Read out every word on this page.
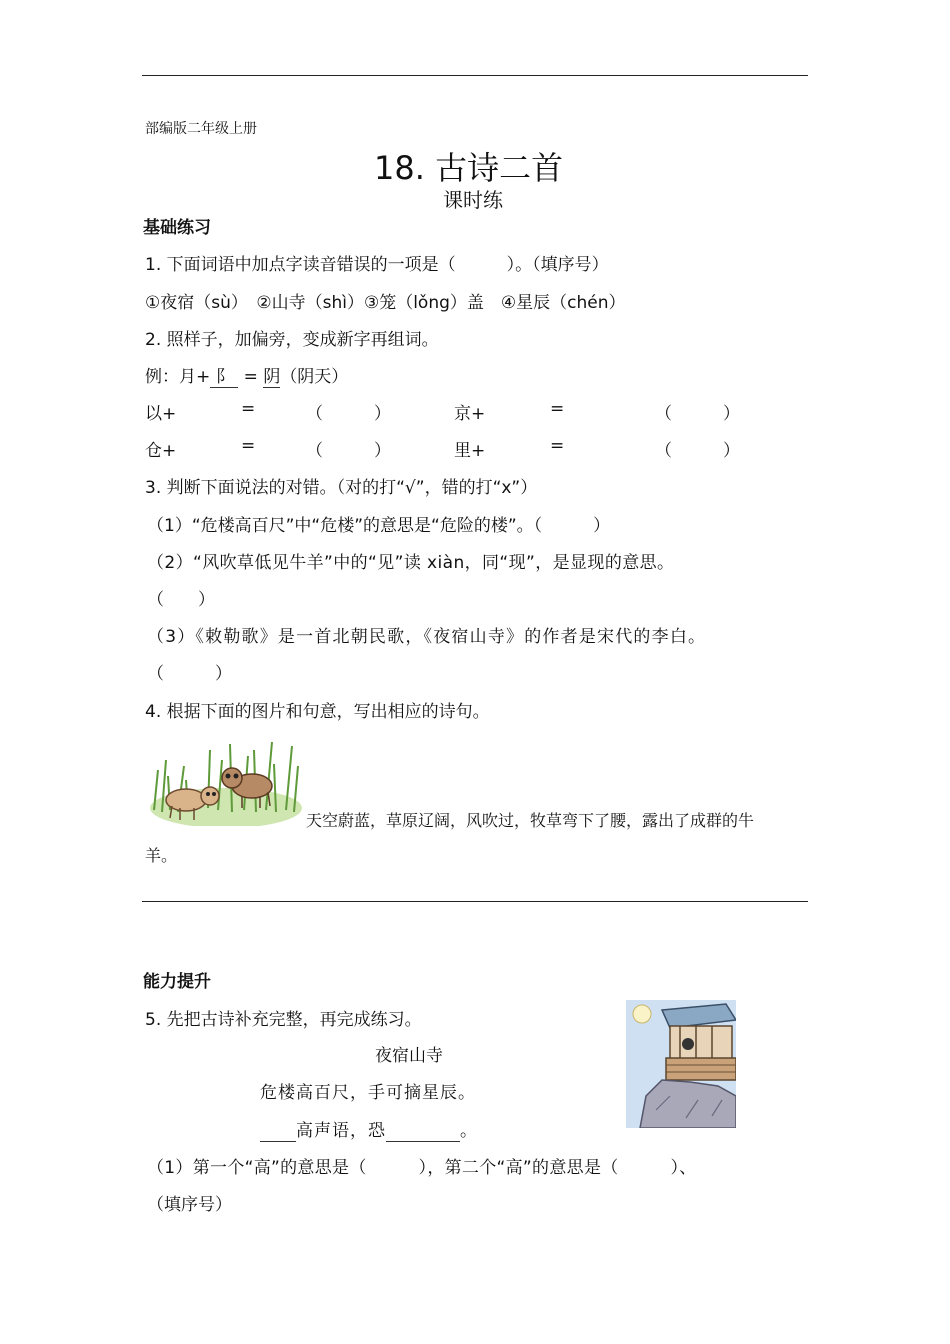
部编版二年级上册
18. 古诗二首
课时练
基础练习
1. 下面词语中加点字读音错误的一项是（　　　）。（填序号）
①夜宿（sù）　②山寺（shì）③笼（lǒng）盖　④星辰（chén）
2. 照样子，加偏旁，变成新字再组词。
例：月+ 阝 = 阴（阴天）
以+	=	（　　　）	京+	=	（　　　）
仓+	=	（　　　）	里+	=	（　　　）
3. 判断下面说法的对错。（对的打“√”，错的打“x”）
（1）“危楼高百尺”中“危楼”的意思是“危险的楼”。（　　　）
（2）“风吹草低见牛羊”中的“见”读 xiàn，同“现”，是显现的意思。
（　　）
（3）《敕勒歌》是一首北朝民歌，《夜宿山寺》的作者是宋代的李白。
（　　　）
4. 根据下面的图片和句意，写出相应的诗句。
天空蔚蓝，草原辽阔，风吹过，牧草弯下了腰，露出了成群的牛
羊。
能力提升
5. 先把古诗补充完整，再完成练习。
夜宿山寺
危楼高百尺，手可摘星辰。
高声语，恐	。
（1）第一个“高”的意思是（　　　），第二个“高”的意思是（　　　）、
（填序号）
